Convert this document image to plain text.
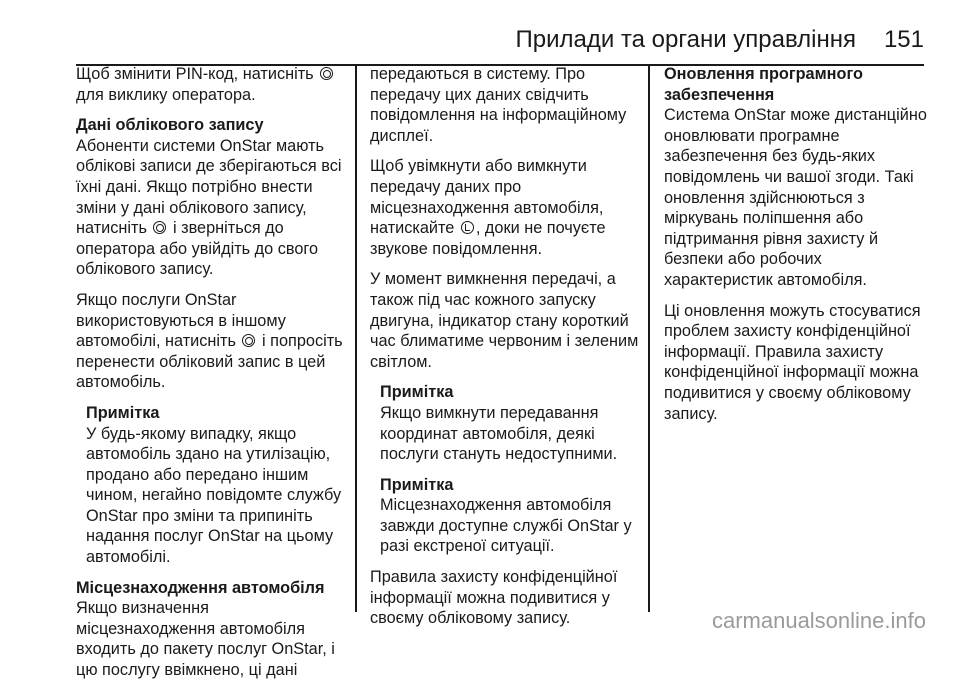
Прилади та органи управління 151
Щоб змінити PIN-код, натисніть
для виклику оператора.
Дані облікового запису
Абоненти системи OnStar мають
облікові записи де зберігаються всі
їхні дані. Якщо потрібно внести
зміни у дані облікового запису,
натисніть  і зверніться до
оператора або увійдіть до свого
облікового запису.
Якщо послуги OnStar
використовуються в іншому
автомобілі, натисніть  і попросіть
перенести обліковий запис в цей
автомобіль.
Примітка
У будь-якому випадку, якщо
автомобіль здано на утилізацію,
продано або передано іншим
чином, негайно повідомте службу
OnStar про зміни та припиніть
надання послуг OnStar на цьому
автомобілі.
Місцезнаходження автомобіля
Якщо визначення
місцезнаходження автомобіля
входить до пакету послуг OnStar, і
цю послугу ввімкнено, ці дані
передаються в систему. Про
передачу цих даних свідчить
повідомлення на інформаційному
дисплеї.
Щоб увімкнути або вимкнути
передачу даних про
місцезнаходження автомобіля,
натискайте , доки не почуєте
звукове повідомлення.
У момент вимкнення передачі, а
також під час кожного запуску
двигуна, індикатор стану короткий
час блиматиме червоним і зеленим
світлом.
Примітка
Якщо вимкнути передавання
координат автомобіля, деякі
послуги стануть недоступними.
Примітка
Місцезнаходження автомобіля
завжди доступне службі OnStar у
разі екстреної ситуації.
Правила захисту конфіденційної
інформації можна подивитися у
своєму обліковому запису.
Оновлення програмного
забезпечення
Система OnStar може дистанційно
оновлювати програмне
забезпечення без будь-яких
повідомлень чи вашої згоди. Такі
оновлення здійснюються з
міркувань поліпшення або
підтримання рівня захисту й
безпеки або робочих
характеристик автомобіля.
Ці оновлення можуть стосуватися
проблем захисту конфіденційної
інформації. Правила захисту
конфіденційної інформації можна
подивитися у своєму обліковому
запису.
carmanualsonline.info
